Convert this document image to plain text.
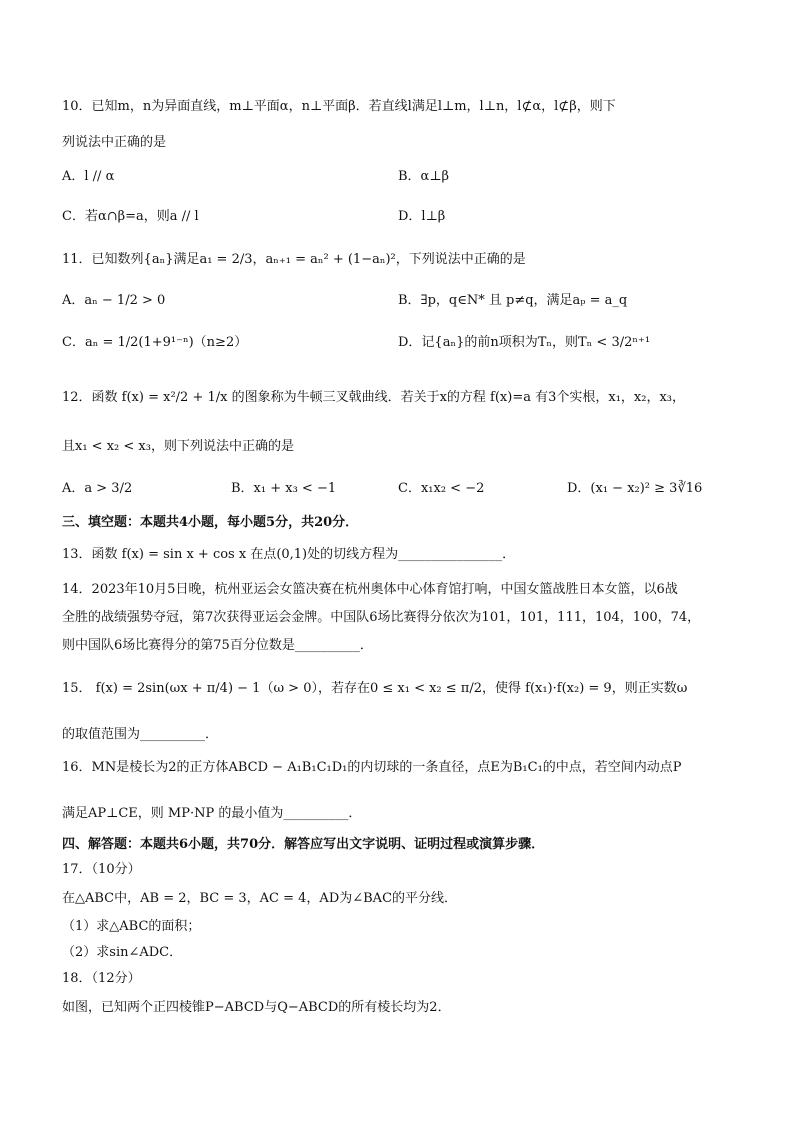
10．已知m，n为异面直线，m⊥平面α，n⊥平面β．若直线l满足l⊥m，l⊥n，l⊄α，l⊄β，则下
列说法中正确的是
A．l // α	B．α⊥β
C．若α∩β=a，则a // l	D．l⊥β
11．已知数列{aₙ}满足a₁ = 2/3，aₙ₊₁ = aₙ² + (1−aₙ)²，下列说法中正确的是
A．aₙ − 1/2 > 0	B．∃p，q∈N* 且 p≠q，满足aₚ = a_q
C．aₙ = 1/2(1+9¹⁻ⁿ)（n≥2）	D．记{aₙ}的前n项积为Tₙ，则Tₙ < 3/2ⁿ⁺¹
12．函数 f(x) = x²/2 + 1/x 的图象称为牛顿三叉戟曲线．若关于x的方程 f(x)=a 有3个实根，x₁，x₂，x₃，
且x₁ < x₂ < x₃，则下列说法中正确的是
A．a > 3/2	B．x₁ + x₃ < −1	C．x₁x₂ < −2	D．(x₁ − x₂)² ≥ 3∛16
三、填空题：本题共4小题，每小题5分，共20分．
13．函数 f(x) = sin x + cos x 在点(0,1)处的切线方程为________________．
14．2023年10月5日晚，杭州亚运会女篮决赛在杭州奥体中心体育馆打响，中国女篮战胜日本女篮，以6战
全胜的战绩强势夺冠，第7次获得亚运会金牌。中国队6场比赛得分依次为101，101，111，104，100，74，
则中国队6场比赛得分的第75百分位数是__________．
15． f(x) = 2sin(ωx + π/4) − 1（ω > 0），若存在0 ≤ x₁ < x₂ ≤ π/2，使得 f(x₁)·f(x₂) = 9，则正实数ω
的取值范围为__________．
16．MN是棱长为2的正方体ABCD − A₁B₁C₁D₁的内切球的一条直径，点E为B₁C₁的中点，若空间内动点P
满足AP⊥CE，则 MP·NP 的最小值为__________．
四、解答题：本题共6小题，共70分．解答应写出文字说明、证明过程或演算步骤．
17．（10分）
在△ABC中，AB = 2，BC = 3，AC = 4，AD为∠BAC的平分线．
（1）求△ABC的面积；
（2）求sin∠ADC．
18．（12分）
如图，已知两个正四棱锥P−ABCD与Q−ABCD的所有棱长均为2．
